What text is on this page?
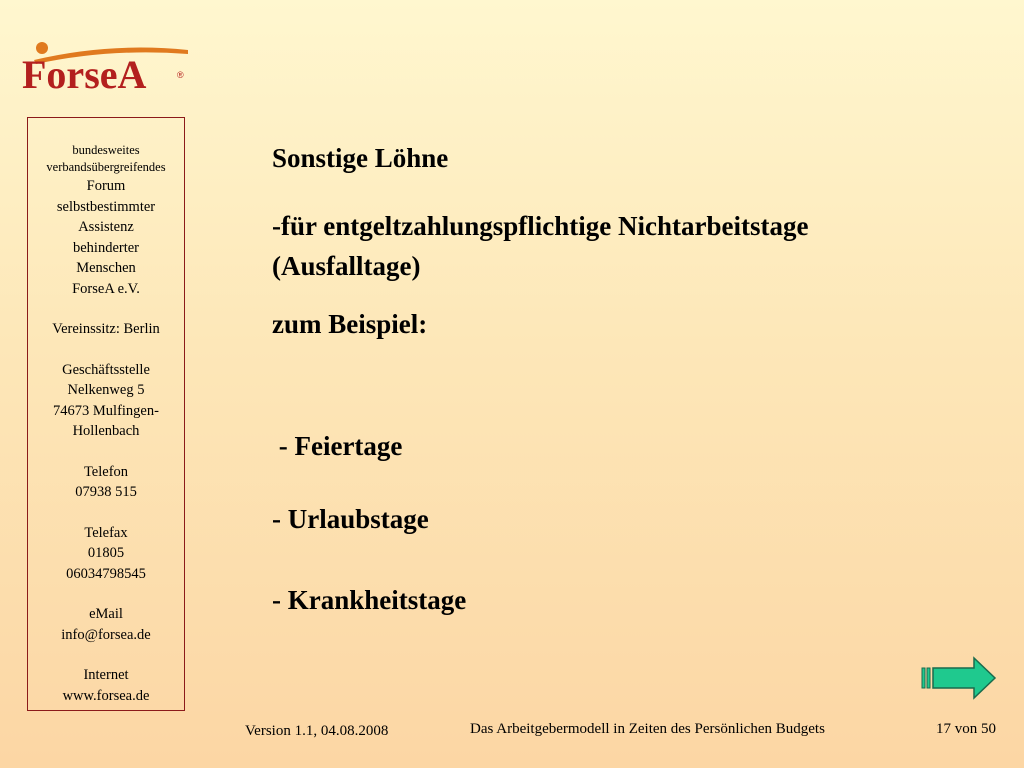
ForseA	®
bundesweites
verbandsübergreifendes
Forum
selbstbestimmter
Assistenz
behinderter
Menschen
ForseA e.V.
Vereinssitz: Berlin
Geschäftsstelle
Nelkenweg 5
74673 Mulfingen-
Hollenbach
Telefon
07938 515
Telefax
01805
06034798545
eMail
info@forsea.de
Internet
www.forsea.de
Sonstige Löhne
-für entgeltzahlungspflichtige Nichtarbeitstage
(Ausfalltage)
zum Beispiel:
- Feiertage
- Urlaubstage
- Krankheitstage
Version 1.1, 04.08.2008	Das Arbeitgebermodell in Zeiten des Persönlichen Budgets	17 von 50
